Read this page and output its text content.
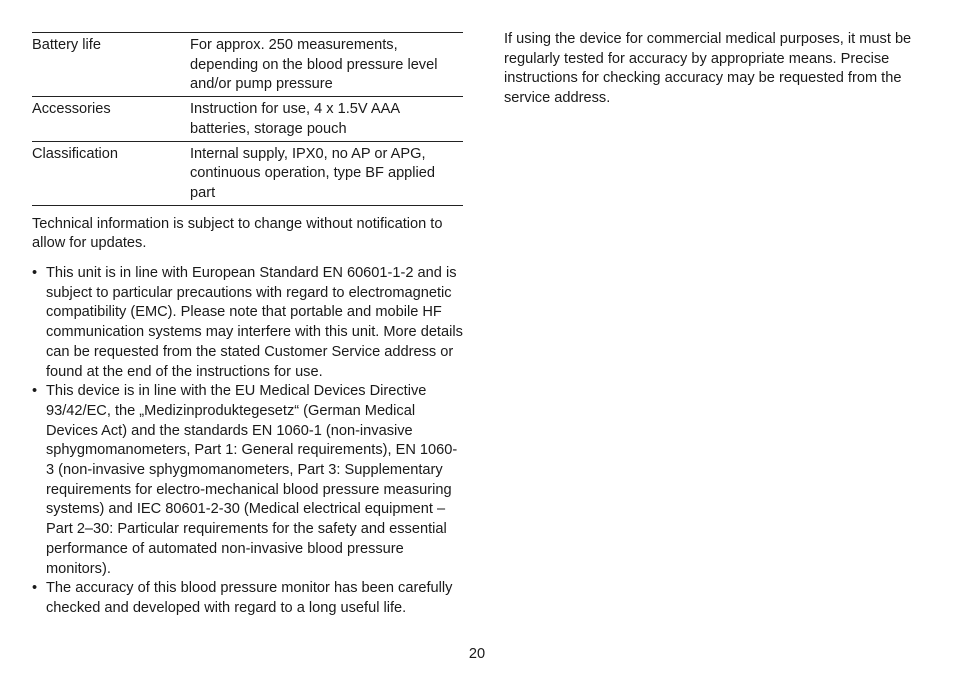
Battery life	For approx. 250 measurements, depending on the blood pressure level and/or pump pressure
Accessories	Instruction for use, 4 x 1.5V AAA batteries, storage pouch
Classification	Internal supply, IPX0, no AP or APG, continuous operation, type BF applied part

Technical information is subject to change without notification to allow for updates.

• This unit is in line with European Standard EN 60601-1-2 and is subject to particular precautions with regard to electromagnetic compatibility (EMC). Please note that portable and mobile HF communication systems may interfere with this unit. More details can be requested from the stated Customer Service address or found at the end of the instructions for use.
• This device is in line with the EU Medical Devices Directive 93/42/EC, the „Medizinproduktegesetz“ (German Medical Devices Act) and the standards EN 1060-1 (non-invasive sphygmomanometers, Part 1: General requirements), EN 1060-3 (non-invasive sphygmomanometers, Part 3: Supplementary requirements for electro-mechanical blood pressure measuring systems) and IEC 80601-2-30 (Medical electrical equipment – Part 2–30: Particular requirements for the safety and essential performance of automated non-invasive blood pressure monitors).
• The accuracy of this blood pressure monitor has been carefully checked and developed with regard to a long useful life.

If using the device for commercial medical purposes, it must be regularly tested for accuracy by appropriate means. Precise instructions for checking accuracy may be requested from the service address.

20
